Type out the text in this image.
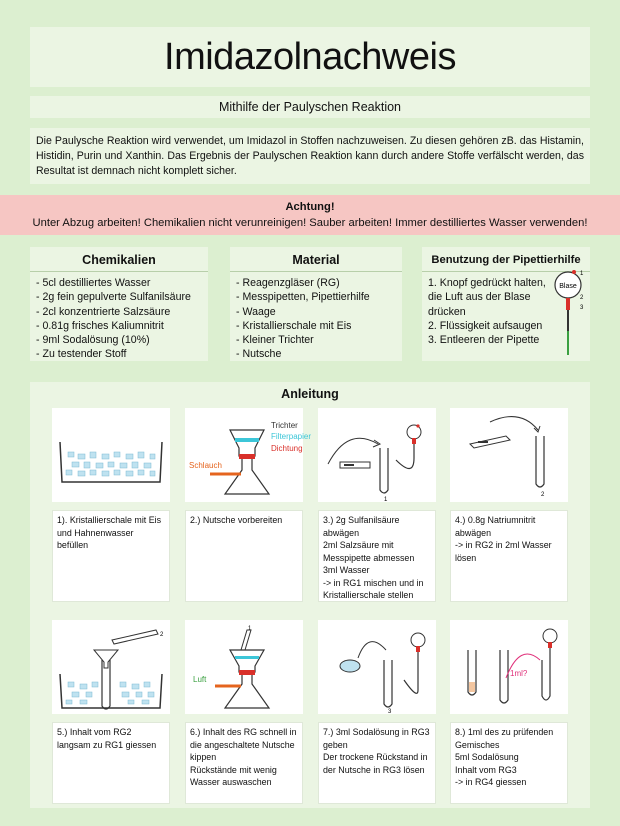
Imidazolnachweis
Mithilfe der Paulyschen Reaktion

Die Paulysche Reaktion wird verwendet, um Imidazol in Stoffen nachzuweisen. Zu diesen gehören zB. das Histamin, Histidin, Purin und Xanthin. Das Ergebnis der Paulyschen Reaktion kann durch andere Stoffe verfälscht werden, das Resultat ist demnach nicht komplett sicher.

Achtung!
Unter Abzug arbeiten! Chemikalien nicht verunreinigen! Sauber arbeiten! Immer destilliertes Wasser verwenden!
Chemikalien
- 5cl destilliertes Wasser
- 2g fein gepulverte Sulfanilsäure
- 2cl konzentrierte Salzsäure
- 0.81g frisches Kaliumnitrit
- 9ml Sodalösung (10%)
- Zu testender Stoff
Material
- Reagenzgläser (RG)
- Messpipetten, Pipettierhilfe
- Waage
- Kristallierschale mit Eis
- Kleiner Trichter
- Nutsche
Benutzung der Pipettierhilfe
1. Knopf gedrückt halten, die Luft aus der Blase drücken
2. Flüssigkeit aufsaugen
3. Entleeren der Pipette
Blase
1
2
3
Anleitung
Trichter
Filterpapier
Dichtung
Schlauch
1
2
1). Kristallierschale mit Eis und Hahnenwasser befüllen
2.) Nutsche vorbereiten	3.) 2g Sulfanilsäure abwägen
2ml Salzsäure mit Messpipette abmessen
3ml Wasser
-> in RG1 mischen und in Kristallierschale stellen
4.) 0.8g Natriumnitrit abwägen
-> in RG2 in 2ml Wasser lösen
2
1
Luft
3
1ml?
5.) Inhalt vom RG2 langsam zu RG1 giessen
6.) Inhalt des RG schnell in die angeschaltete Nutsche kippen
Rückstände mit wenig Wasser auswaschen
7.) 3ml Sodalösung in RG3 geben
Der trockene Rückstand in der Nutsche in RG3 lösen
8.) 1ml des zu prüfenden Gemisches
5ml Sodalösung
Inhalt vom RG3
-> in RG4 giessen
